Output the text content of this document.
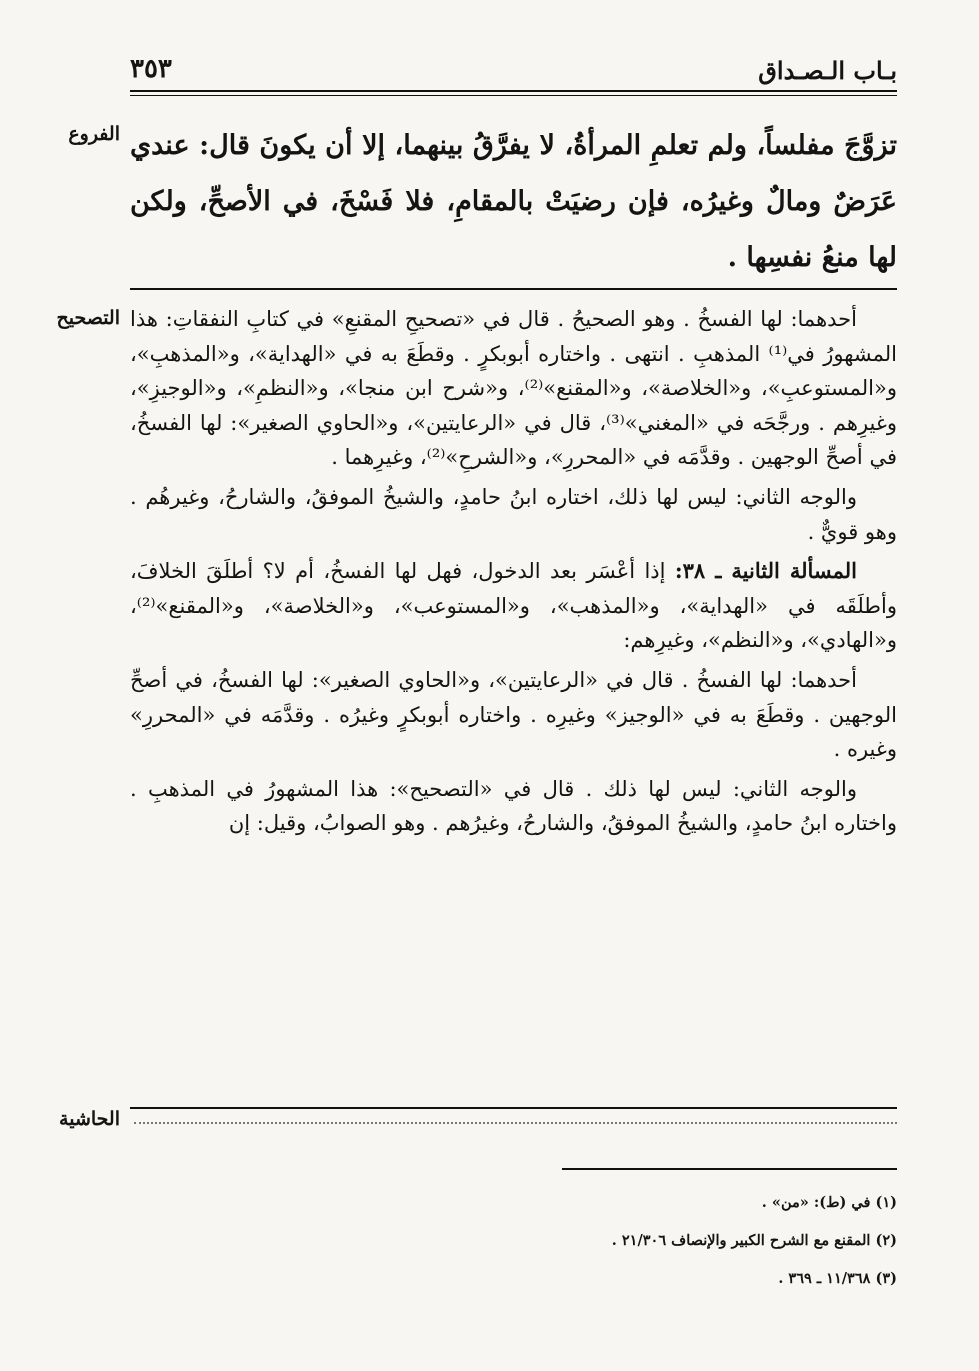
بـاب الـصـداق
٣٥٣
الفروع تزوَّجَ مفلساً، ولم تعلمِ المرأةُ، لا يفرَّقُ بينهما، إلا أن يكونَ قال: عندي عَرَضٌ ومالٌ وغيرُه، فإن رضيَتْ بالمقامِ، فلا فَسْخَ، في الأصحِّ، ولكن لها منعُ نفسِها .

التصحيح أحدهما: لها الفسخُ . وهو الصحيحُ . قال في «تصحيحِ المقنعِ» في كتابِ النفقاتِ: هذا المشهورُ في⁽¹⁾ المذهبِ . انتهى . واختاره أبوبكرٍ . وقطَعَ به في «الهداية»، و«المذهبِ»، و«المستوعبِ»، و«الخلاصة»، و«المقنع»⁽²⁾، و«شرح ابن منجا»، و«النظمِ»، و«الوجيزِ»، وغيرِهم . ورجَّحَه في «المغني»⁽³⁾، قال في «الرعايتين»، و«الحاوي الصغير»: لها الفسخُ، في أصحِّ الوجهين . وقدَّمَه في «المحررِ»، و«الشرحِ»⁽²⁾، وغيرِهما .

والوجه الثاني: ليس لها ذلك، اختاره ابنُ حامدٍ، والشيخُ الموفقُ، والشارحُ، وغيرهُم . وهو قويٌّ .

المسألة الثانية ـ ٣٨: إذا أعْسَر بعد الدخول، فهل لها الفسخُ، أم لا؟ أطلَقَ الخلافَ، وأطلَقَه في «الهداية»، و«المذهب»، و«المستوعب»، و«الخلاصة»، و«المقنع»⁽²⁾، و«الهادي»، و«النظم»، وغيرِهم:

أحدهما: لها الفسخُ . قال في «الرعايتين»، و«الحاوي الصغير»: لها الفسخُ، في أصحِّ الوجهين . وقطَعَ به في «الوجيز» وغيرِه . واختاره أبوبكرٍ وغيرُه . وقدَّمَه في «المحررِ» وغيره .

والوجه الثاني: ليس لها ذلك . قال في «التصحيح»: هذا المشهورُ في المذهبِ . واختاره ابنُ حامدٍ، والشيخُ الموفقُ، والشارحُ، وغيرُهم . وهو الصوابُ، وقيل: إن

الحاشية

(١) في (ط): «من» .

(٢) المقنع مع الشرح الكبير والإنصاف ٢١/٣٠٦ .

(٣) ١١/٣٦٨ ـ ٣٦٩ .
